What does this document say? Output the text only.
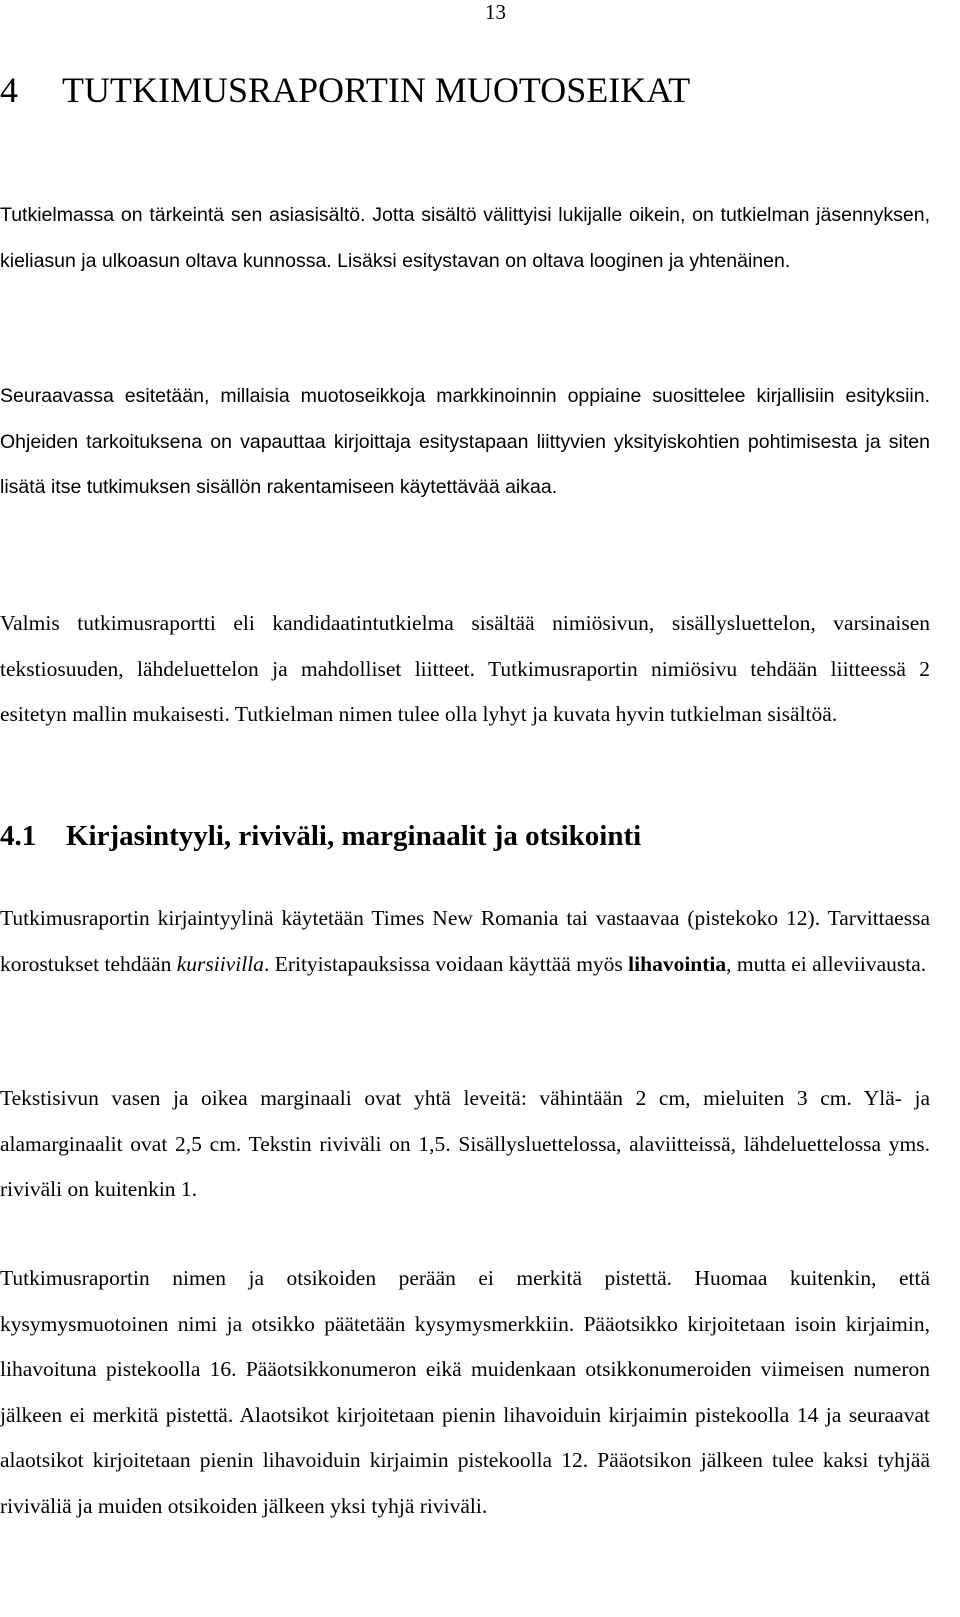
13
4 TUTKIMUSRAPORTIN MUOTOSEIKAT

Tutkielmassa on tärkeintä sen asiasisältö. Jotta sisältö välittyisi lukijalle oikein, on tutkielman jäsennyksen, kieliasun ja ulkoasun oltava kunnossa. Lisäksi esitystavan on oltava looginen ja yhtenäinen.

Seuraavassa esitetään, millaisia muotoseikkoja markkinoinnin oppiaine suosittelee kirjallisiin esityksiin. Ohjeiden tarkoituksena on vapauttaa kirjoittaja esitystapaan liittyvien yksityiskohtien pohtimisesta ja siten lisätä itse tutkimuksen sisällön rakentamiseen käytettävää aikaa.

Valmis tutkimusraportti eli kandidaatintutkielma sisältää nimiösivun, sisällysluettelon, varsinaisen tekstiosuuden, lähdeluettelon ja mahdolliset liitteet. Tutkimusraportin nimiösivu tehdään liitteessä 2 esitetyn mallin mukaisesti. Tutkielman nimen tulee olla lyhyt ja kuvata hyvin tutkielman sisältöä.

4.1 Kirjasintyyli, riviväli, marginaalit ja otsikointi

Tutkimusraportin kirjaintyylinä käytetään Times New Romania tai vastaavaa (pistekoko 12). Tarvittaessa korostukset tehdään kursiivilla. Erityistapauksissa voidaan käyttää myös lihavointia, mutta ei alleviivausta.

Tekstisivun vasen ja oikea marginaali ovat yhtä leveitä: vähintään 2 cm, mieluiten 3 cm. Ylä- ja alamarginaalit ovat 2,5 cm. Tekstin riviväli on 1,5. Sisällysluettelossa, alaviitteissä, lähdeluettelossa yms. riviväli on kuitenkin 1.

Tutkimusraportin nimen ja otsikoiden perään ei merkitä pistettä. Huomaa kuitenkin, että kysymysmuotoinen nimi ja otsikko päätetään kysymysmerkkiin. Pääotsikko kirjoitetaan isoin kirjaimin, lihavoituna pistekoolla 16. Pääotsikkonumeron eikä muidenkaan otsikkonumeroiden viimeisen numeron jälkeen ei merkitä pistettä. Alaotsikot kirjoitetaan pienin lihavoiduin kirjaimin pistekoolla 14 ja seuraavat alaotsikot kirjoitetaan pienin lihavoiduin kirjaimin pistekoolla 12. Pääotsikon jälkeen tulee kaksi tyhjää riviväliä ja muiden otsikoiden jälkeen yksi tyhjä riviväli.
